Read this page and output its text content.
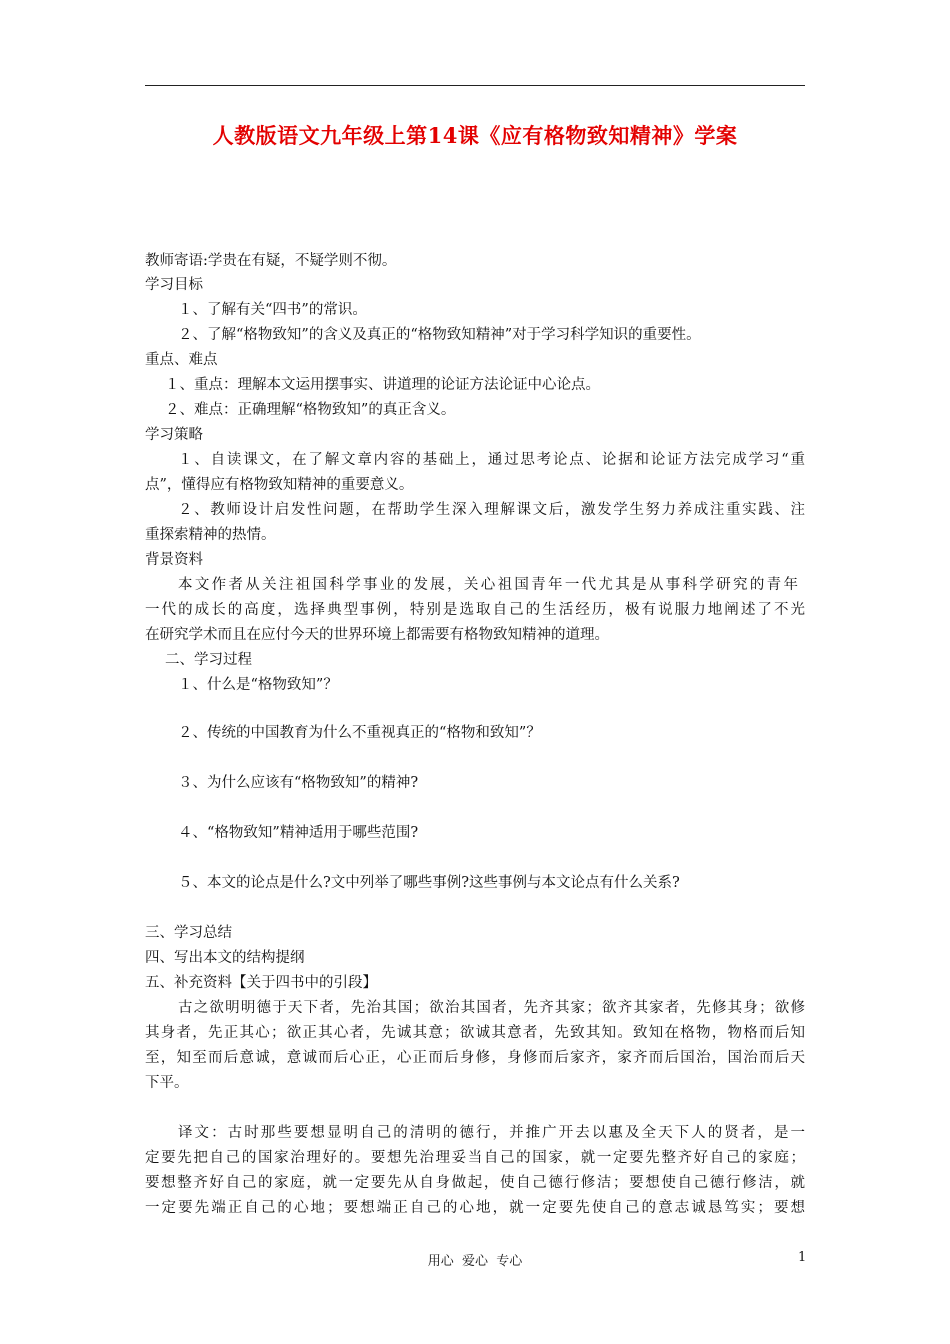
人教版语文九年级上第14课《应有格物致知精神》学案
教师寄语:学贵在有疑，不疑学则不彻。
学习目标
１、了解有关“四书”的常识。
２、了解“格物致知”的含义及真正的“格物致知精神”对于学习科学知识的重要性。
重点、难点
１、重点：理解本文运用摆事实、讲道理的论证方法论证中心论点。
２、难点：正确理解“格物致知”的真正含义。
学习策略
１、自读课文，在了解文章内容的基础上，通过思考论点、论据和论证方法完成学习“重
点”，懂得应有格物致知精神的重要意义。
２、教师设计启发性问题，在帮助学生深入理解课文后，激发学生努力养成注重实践、注
重探索精神的热情。
背景资料
本文作者从关注祖国科学事业的发展，关心祖国青年一代尤其是从事科学研究的青年
一代的成长的高度，选择典型事例，特别是选取自己的生活经历，极有说服力地阐述了不光
在研究学术而且在应付今天的世界环境上都需要有格物致知精神的道理。
二、学习过程
１、什么是“格物致知”？
２、传统的中国教育为什么不重视真正的“格物和致知”？
３、为什么应该有“格物致知”的精神?
４、“格物致知”精神适用于哪些范围?
５、本文的论点是什么?文中列举了哪些事例?这些事例与本文论点有什么关系?
三、学习总结
四、写出本文的结构提纲
五、补充资料【关于四书中的引段】
古之欲明明德于天下者，先治其国；欲治其国者，先齐其家；欲齐其家者，先修其身；欲修
其身者，先正其心；欲正其心者，先诚其意；欲诚其意者，先致其知。致知在格物，物格而后知
至，知至而后意诚，意诚而后心正，心正而后身修，身修而后家齐，家齐而后国治，国治而后天
下平。
译文：古时那些要想显明自己的清明的德行，并推广开去以惠及全天下人的贤者，是一
定要先把自己的国家治理好的。要想先治理妥当自己的国家，就一定要先整齐好自己的家庭；
要想整齐好自己的家庭，就一定要先从自身做起，使自己德行修洁；要想使自己德行修洁，就
一定要先端正自己的心地；要想端正自己的心地，就一定要先使自己的意志诚恳笃实；要想
用心  爱心  专心	1
